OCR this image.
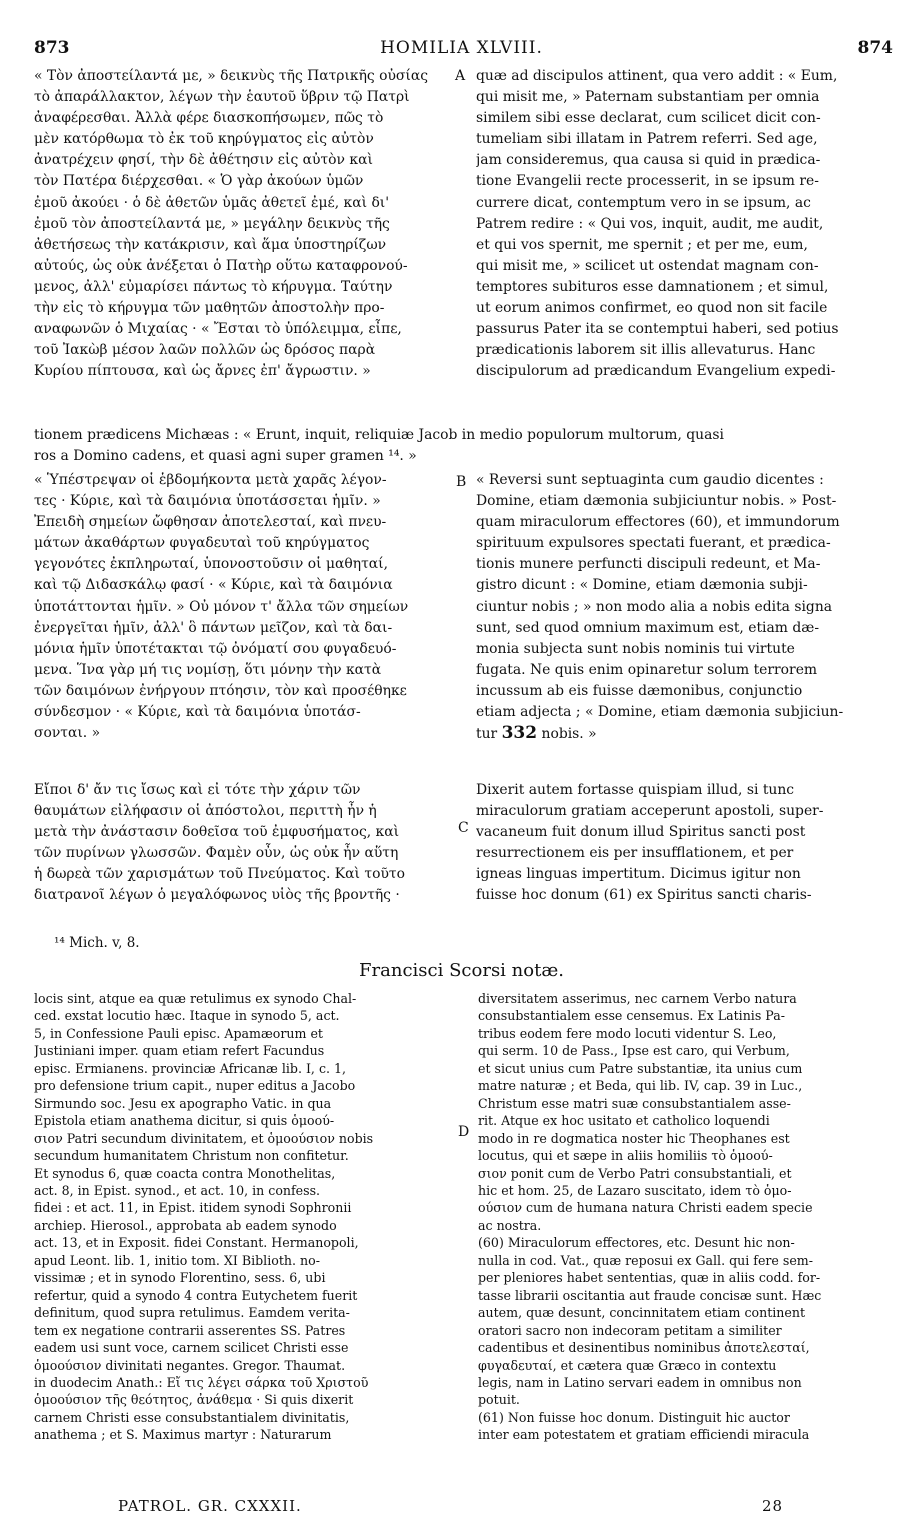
873	HOMILIA XLVIII.	874
A
B
C
D
« Τὸν ἀποστείλαντά με, » δεικνὺς τῆς Πατρικῆς οὐσίας
τὸ ἀπαράλλακτον, λέγων τὴν ἑαυτοῦ ὕβριν τῷ Πατρὶ
ἀναφέρεσθαι. Ἀλλὰ φέρε διασκοπήσωμεν, πῶς τὸ
μὲν κατόρθωμα τὸ ἐκ τοῦ κηρύγματος εἰς αὐτὸν
ἀνατρέχειν φησί, τὴν δὲ ἀθέτησιν εἰς αὐτὸν καὶ
τὸν Πατέρα διέρχεσθαι. « Ὁ γὰρ ἀκούων ὑμῶν
ἐμοῦ ἀκούει · ὁ δὲ ἀθετῶν ὑμᾶς ἀθετεῖ ἐμέ, καὶ δι'
ἐμοῦ τὸν ἀποστείλαντά με, » μεγάλην δεικνὺς τῆς
ἀθετήσεως τὴν κατάκρισιν, καὶ ἅμα ὑποστηρίζων
αὐτούς, ὡς οὐκ ἀνέξεται ὁ Πατὴρ οὕτω καταφρονού-
μενος, ἀλλ' εὐμαρίσει πάντως τὸ κήρυγμα. Ταύτην
τὴν εἰς τὸ κήρυγμα τῶν μαθητῶν ἀποστολὴν προ-
αναφωνῶν ὁ Μιχαίας · « Ἔσται τὸ ὑπόλειμμα, εἶπε,
τοῦ Ἰακὼβ μέσον λαῶν πολλῶν ὡς δρόσος παρὰ
Κυρίου πίπτουσα, καὶ ὡς ἄρνες ἐπ' ἄγρωστιν. »
quæ ad discipulos attinent, qua vero addit : « Eum,
qui misit me, » Paternam substantiam per omnia
similem sibi esse declarat, cum scilicet dicit con-
tumeliam sibi illatam in Patrem referri. Sed age,
jam consideremus, qua causa si quid in prædica-
tione Evangelii recte processerit, in se ipsum re-
currere dicat, contemptum vero in se ipsum, ac
Patrem redire : « Qui vos, inquit, audit, me audit,
et qui vos spernit, me spernit ; et per me, eum,
qui misit me, » scilicet ut ostendat magnam con-
temptores subituros esse damnationem ; et simul,
ut eorum animos confirmet, eo quod non sit facile
passurus Pater ita se contemptui haberi, sed potius
prædicationis laborem sit illis allevaturus. Hanc
discipulorum ad prædicandum Evangelium expedi-
tionem prædicens Michæas : « Erunt, inquit, reliquiæ Jacob in medio populorum multorum, quasi
ros a Domino cadens, et quasi agni super gramen ¹⁴. »
« Ὑπέστρεψαν οἱ ἑβδομήκοντα μετὰ χαρᾶς λέγον-
τες · Κύριε, καὶ τὰ δαιμόνια ὑποτάσσεται ἡμῖν. »
Ἐπειδὴ σημείων ὤφθησαν ἀποτελεσταί, καὶ πνευ-
μάτων ἀκαθάρτων φυγαδευταὶ τοῦ κηρύγματος
γεγονότες ἐκπληρωταί, ὑπονοστοῦσιν οἱ μαθηταί,
καὶ τῷ Διδασκάλῳ φασί · « Κύριε, καὶ τὰ δαιμόνια
ὑποτάττονται ἡμῖν. » Οὐ μόνον τ' ἄλλα τῶν σημείων
ἐνεργεῖται ἡμῖν, ἀλλ' ὃ πάντων μεῖζον, καὶ τὰ δαι-
μόνια ἡμῖν ὑποτέτακται τῷ ὀνόματί σου φυγαδευό-
μενα. Ἵνα γὰρ μή τις νομίσῃ, ὅτι μόνην τὴν κατὰ
τῶν δαιμόνων ἐνήργουν πτόησιν, τὸν καὶ προσέθηκε
σύνδεσμον · « Κύριε, καὶ τὰ δαιμόνια ὑποτάσ-
σονται. »
« Reversi sunt septuaginta cum gaudio dicentes :
Domine, etiam dæmonia subjiciuntur nobis. » Post-
quam miraculorum effectores (60), et immundorum
spirituum expulsores spectati fuerant, et prædica-
tionis munere perfuncti discipuli redeunt, et Ma-
gistro dicunt : « Domine, etiam dæmonia subji-
ciuntur nobis ; » non modo alia a nobis edita signa
sunt, sed quod omnium maximum est, etiam dæ-
monia subjecta sunt nobis nominis tui virtute
fugata. Ne quis enim opinaretur solum terrorem
incussum ab eis fuisse dæmonibus, conjunctio
etiam adjecta ; « Domine, etiam dæmonia subjiciun-
tur 332 nobis. »
Εἴποι δ' ἄν τις ἴσως καὶ εἰ τότε τὴν χάριν τῶν
θαυμάτων εἰλήφασιν οἱ ἀπόστολοι, περιττὴ ἦν ἡ
μετὰ τὴν ἀνάστασιν δοθεῖσα τοῦ ἐμφυσήματος, καὶ
τῶν πυρίνων γλωσσῶν. Φαμὲν οὖν, ὡς οὐκ ἦν αὕτη
ἡ δωρεὰ τῶν χαρισμάτων τοῦ Πνεύματος. Καὶ τοῦτο
διατρανοῖ λέγων ὁ μεγαλόφωνος υἱὸς τῆς βροντῆς ·
Dixerit autem fortasse quispiam illud, si tunc
miraculorum gratiam acceperunt apostoli, super-
vacaneum fuit donum illud Spiritus sancti post
resurrectionem eis per insufflationem, et per
igneas linguas impertitum. Dicimus igitur non
fuisse hoc donum (61) ex Spiritus sancti charis-
¹⁴ Mich. v, 8.
Francisci Scorsi notæ.
locis sint, atque ea quæ retulimus ex synodo Chal-
ced. exstat locutio hæc. Itaque in synodo 5, act.
5, in Confessione Pauli episc. Apamæorum et
Justiniani imper. quam etiam refert Facundus
episc. Ermianens. provinciæ Africanæ lib. I, c. 1,
pro defensione trium capit., nuper editus a Jacobo
Sirmundo soc. Jesu ex apographo Vatic. in qua
Epistola etiam anathema dicitur, si quis ὁμοού-
σιον Patri secundum divinitatem, et ὁμοούσιον nobis
secundum humanitatem Christum non confitetur.
Et synodus 6, quæ coacta contra Monothelitas,
act. 8, in Epist. synod., et act. 10, in confess.
fidei : et act. 11, in Epist. itidem synodi Sophronii
archiep. Hierosol., approbata ab eadem synodo
act. 13, et in Exposit. fidei Constant. Hermanopoli,
apud Leont. lib. 1, initio tom. XI Biblioth. no-
vissimæ ; et in synodo Florentino, sess. 6, ubi
refertur, quid a synodo 4 contra Eutychetem fuerit
definitum, quod supra retulimus. Eamdem verita-
tem ex negatione contrarii asserentes SS. Patres
eadem usi sunt voce, carnem scilicet Christi esse
ὁμοούσιον divinitati negantes. Gregor. Thaumat.
in duodecim Anath.: Εἴ τις λέγει σάρκα τοῦ Χριστοῦ
ὁμοούσιον τῆς θεότητος, ἀνάθεμα · Si quis dixerit
carnem Christi esse consubstantialem divinitatis,
anathema ; et S. Maximus martyr : Naturarum
diversitatem asserimus, nec carnem Verbo natura
consubstantialem esse censemus. Ex Latinis Pa-
tribus eodem fere modo locuti videntur S. Leo,
qui serm. 10 de Pass., Ipse est caro, qui Verbum,
et sicut unius cum Patre substantiæ, ita unius cum
matre naturæ ; et Beda, qui lib. IV, cap. 39 in Luc.,
Christum esse matri suæ consubstantialem asse-
rit. Atque ex hoc usitato et catholico loquendi
modo in re dogmatica noster hic Theophanes est
locutus, qui et sæpe in aliis homiliis τὸ ὁμοού-
σιον ponit cum de Verbo Patri consubstantiali, et
hic et hom. 25, de Lazaro suscitato, idem τὸ ὁμο-
ούσιον cum de humana natura Christi eadem specie
ac nostra.
(60) Miraculorum effectores, etc. Desunt hic non-
nulla in cod. Vat., quæ reposui ex Gall. qui fere sem-
per pleniores habet sententias, quæ in aliis codd. for-
tasse librarii oscitantia aut fraude concisæ sunt. Hæc
autem, quæ desunt, concinnitatem etiam continent
oratori sacro non indecoram petitam a similiter
cadentibus et desinentibus nominibus ἀποτελεσταί,
φυγαδευταί, et cætera quæ Græco in contextu
legis, nam in Latino servari eadem in omnibus non
potuit.
(61) Non fuisse hoc donum. Distinguit hic auctor
inter eam potestatem et gratiam efficiendi miracula
PATROL. GR. CXXXII.	28
